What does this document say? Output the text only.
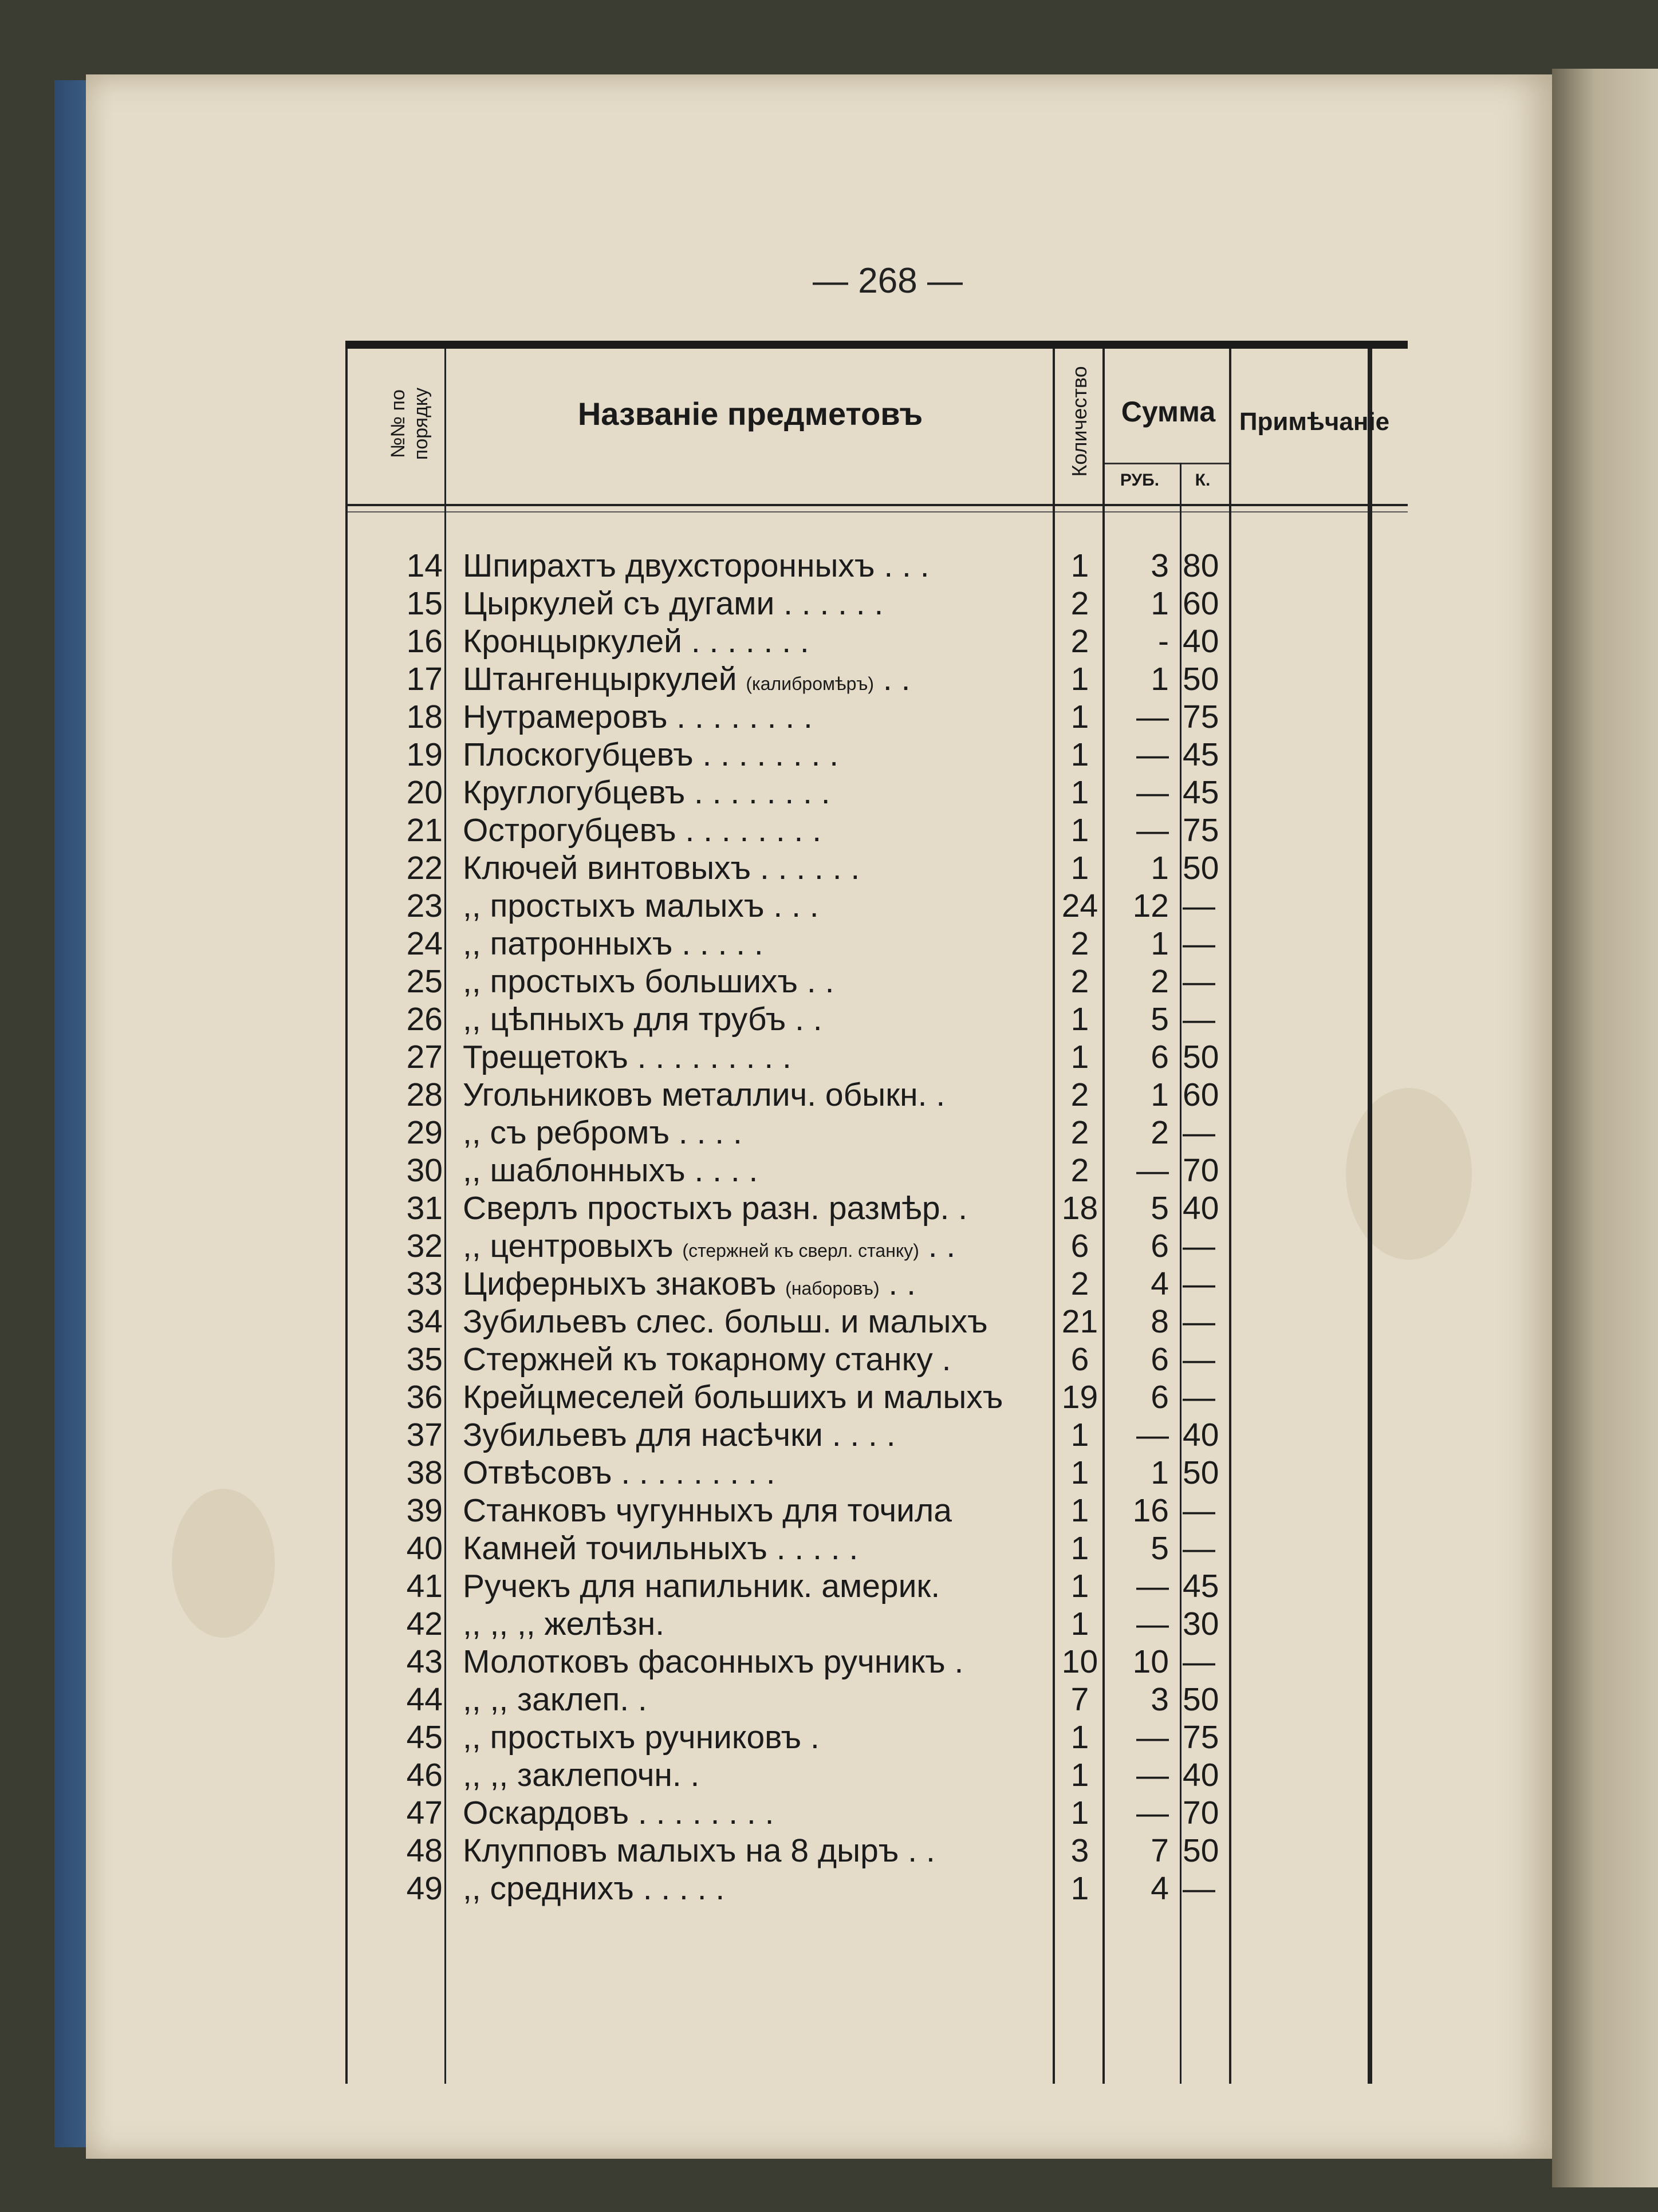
— 268 —
№№ по порядку	Названiе предметовъ	Количество	Сумма
РУБ.	К.
Примѣчанiе
14 Шпирахтъ двухсторонныхъ . . .	1	3 80
15 Цыркулей съ дугами . . . . . .	2	1 60
16 Кронцыркулей . . . . . . .	2	- 40
17 Штангенцыркулей (калибромѣръ) . .	1	1 50
18 Нутрамеровъ . . . . . . . .	1	— 75
19 Плоскогубцевъ . . . . . . . .	1	— 45
20 Круглогубцевъ . . . . . . . .	1	— 45
21 Острогубцевъ . . . . . . . .	1	— 75
22 Ключей винтовыхъ . . . . . .	1	1 50
23 ,, простыхъ малыхъ . . .	24	12 —
24 ,, патронныхъ . . . . .	2	1 —
25 ,, простыхъ большихъ . .	2	2 —
26 ,, цѣпныхъ для трубъ . .	1	5 —
27 Трещетокъ . . . . . . . . .	1	6 50
28 Угольниковъ металлич. обыкн. .	2	1 60
29 ,, съ ребромъ . . . .	2	2 —
30 ,, шаблонныхъ . . . .	2	— 70
31 Сверлъ простыхъ разн. размѣр. .	18	5 40
32 ,, центровыхъ (стержней къ сверл. станку) . .	6	6 —
33 Циферныхъ знаковъ (наборовъ) . .	2	4 —
34 Зубильевъ слес. больш. и малыхъ	21	8 —
35 Стержней къ токарному станку .	6	6 —
36 Крейцмеселей большихъ и малыхъ	19	6 —
37 Зубильевъ для насѣчки . . . .	1	— 40
38 Отвѣсовъ . . . . . . . . .	1	1 50
39 Станковъ чугунныхъ для точила	1	16 —
40 Камней точильныхъ . . . . .	1	5 —
41 Ручекъ для напильник. америк.	1	— 45
42 ,, ,, ,, желѣзн.	1	— 30
43 Молотковъ фасонныхъ ручникъ .	10	10 —
44 ,, ,, заклеп. .	7	3 50
45 ,, простыхъ ручниковъ .	1	— 75
46 ,, ,, заклепочн. .	1	— 40
47 Оскардовъ . . . . . . . .	1	— 70
48 Клупповъ малыхъ на 8 дыръ . .	3	7 50
49 ,, среднихъ . . . . .	1	4 —
